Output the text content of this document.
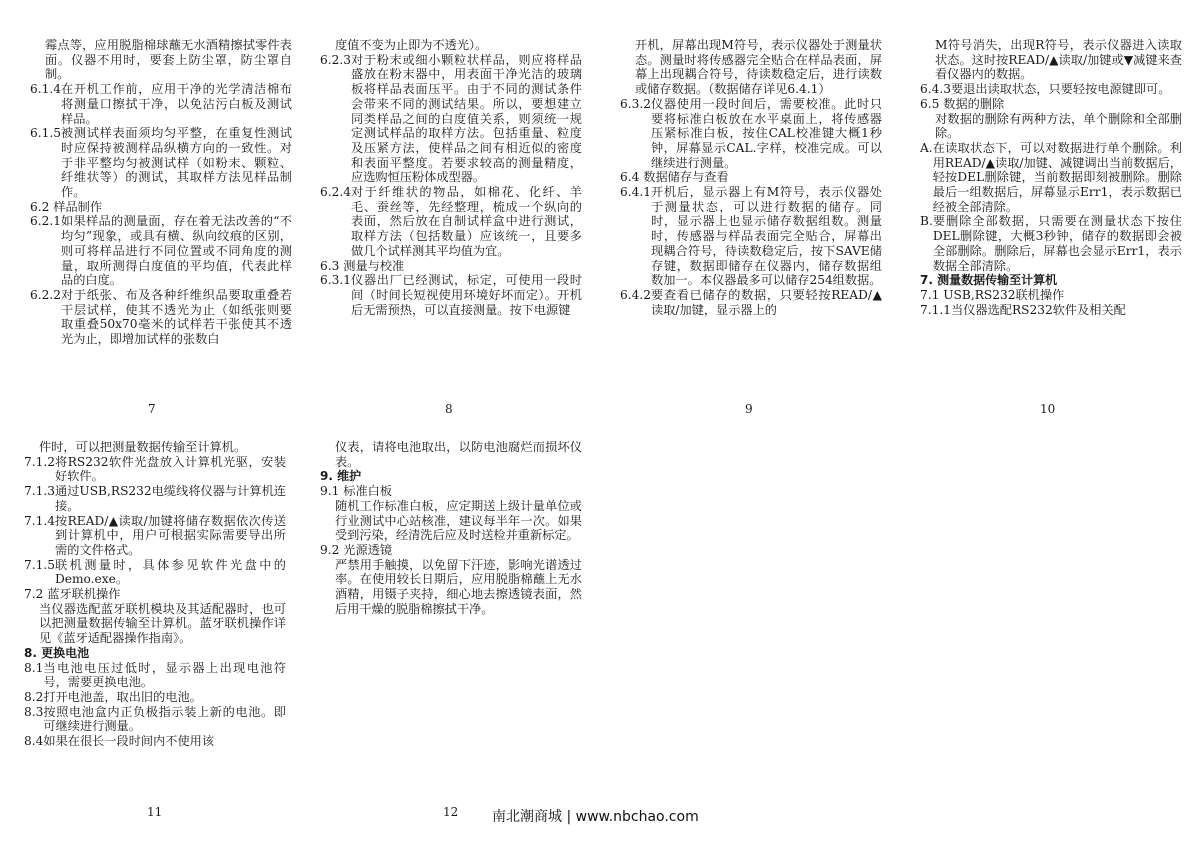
霉点等，应用脱脂棉球蘸无水酒精擦拭零件表面。仪器不用时，要套上防尘罩，防尘罩自制。
6.1.4 在开机工作前，应用干净的光学清洁棉布将测量口擦拭干净，以免沾污白板及测试样品。
6.1.5 被测试样表面须均匀平整，在重复性测试时应保持被测样品纵横方向的一致性。对于非平整均匀被测试样（如粉末、颗粒、纤维状等）的测试，其取样方法见样品制作。
6.2 样品制作
6.2.1 如果样品的测量面，存在着无法改善的“不均匀”现象，或具有横、纵向纹痕的区别，则可将样品进行不同位置或不同角度的测量，取所测得白度值的平均值，代表此样品的白度。
6.2.2 对于纸张、布及各种纤维织品要取重叠若干层试样，使其不透光为止（如纸张则要取重叠50x70毫米的试样若干张使其不透光为止，即增加试样的张数白
7
度值不变为止即为不透光）。
6.2.3 对于粉末或细小颗粒状样品，则应将样品盛放在粉末器中，用表面干净光洁的玻璃板将样品表面压平。由于不同的测试条件会带来不同的测试结果。所以，要想建立同类样品之间的白度值关系，则须统一规定测试样品的取样方法。包括重量、粒度及压紧方法，使样品之间有相近似的密度和表面平整度。若要求较高的测量精度，应选购恒压粉体成型器。
6.2.4 对于纤维状的物品，如棉花、化纤、羊毛、蚕丝等，先经整理，梳成一个纵向的表面，然后放在自制试样盒中进行测试，取样方法（包括数量）应该统一，且要多做几个试样测其平均值为宜。
6.3 测量与校准
6.3.1 仪器出厂已经测试，标定，可使用一段时间（时间长短视使用环境好坏而定）。开机后无需预热，可以直接测量。按下电源键
8
开机，屏幕出现M符号，表示仪器处于测量状态。测量时将传感器完全贴合在样品表面，屏幕上出现耦合符号，待读数稳定后，进行读数或储存数据。（数据储存详见6.4.1）
6.3.2 仪器使用一段时间后，需要校准。此时只要将标准白板放在水平桌面上，将传感器压紧标准白板，按住CAL校准键大概1秒钟，屏幕显示CAL.字样，校准完成。可以继续进行测量。
6.4 数据储存与查看
6.4.1 开机后，显示器上有M符号，表示仪器处于测量状态，可以进行数据的储存。同时，显示器上也显示储存数据组数。测量时，传感器与样品表面完全贴合，屏幕出现耦合符号，待读数稳定后，按下SAVE储存键，数据即储存在仪器内，储存数据组数加一。本仪器最多可以储存254组数据。
6.4.2 要查看已储存的数据，只要轻按READ/▲读取/加键，显示器上的
9
M符号消失，出现R符号，表示仪器进入读取状态。这时按READ/▲读取/加键或▼减键来查看仪器内的数据。
6.4.3 要退出读取状态，只要轻按电源键即可。
6.5 数据的删除
对数据的删除有两种方法，单个删除和全部删除。
A. 在读取状态下，可以对数据进行单个删除。利用READ/▲读取/加键、减键调出当前数据后，轻按DEL删除键，当前数据即刻被删除。删除最后一组数据后，屏幕显示Err1，表示数据已经被全部清除。
B. 要删除全部数据，只需要在测量状态下按住DEL删除键，大概3秒钟，储存的数据即会被全部删除。删除后，屏幕也会显示Err1，表示数据全部清除。
7. 测量数据传输至计算机
7.1 USB,RS232联机操作
7.1.1 当仪器选配RS232软件及相关配
10
件时，可以把测量数据传输至计算机。
7.1.2 将RS232软件光盘放入计算机光驱，安装好软件。
7.1.3 通过USB,RS232电缆线将仪器与计算机连接。
7.1.4 按READ/▲读取/加键将储存数据依次传送到计算机中，用户可根据实际需要导出所需的文件格式。
7.1.5 联机测量时，具体参见软件光盘中的Demo.exe。
7.2 蓝牙联机操作
当仪器选配蓝牙联机模块及其适配器时，也可以把测量数据传输至计算机。蓝牙联机操作详见《蓝牙适配器操作指南》。
8. 更换电池
8.1 当电池电压过低时，显示器上出现电池符号，需要更换电池。
8.2 打开电池盖，取出旧的电池。
8.3 按照电池盒内正负极指示装上新的电池。即可继续进行测量。
8.4 如果在很长一段时间内不使用该
11
仪表，请将电池取出，以防电池腐烂而损坏仪表。
9. 维护
9.1 标准白板
随机工作标准白板，应定期送上级计量单位或行业测试中心站核准，建议每半年一次。如果受到污染，经清洗后应及时送检并重新标定。
9.2 光源透镜
严禁用手触摸，以免留下汗迹，影响光谱透过率。在使用较长日期后，应用脱脂棉蘸上无水酒精，用镊子夹持，细心地去擦透镜表面，然后用干燥的脱脂棉擦拭干净。
12 南北潮商城 | www.nbchao.com
